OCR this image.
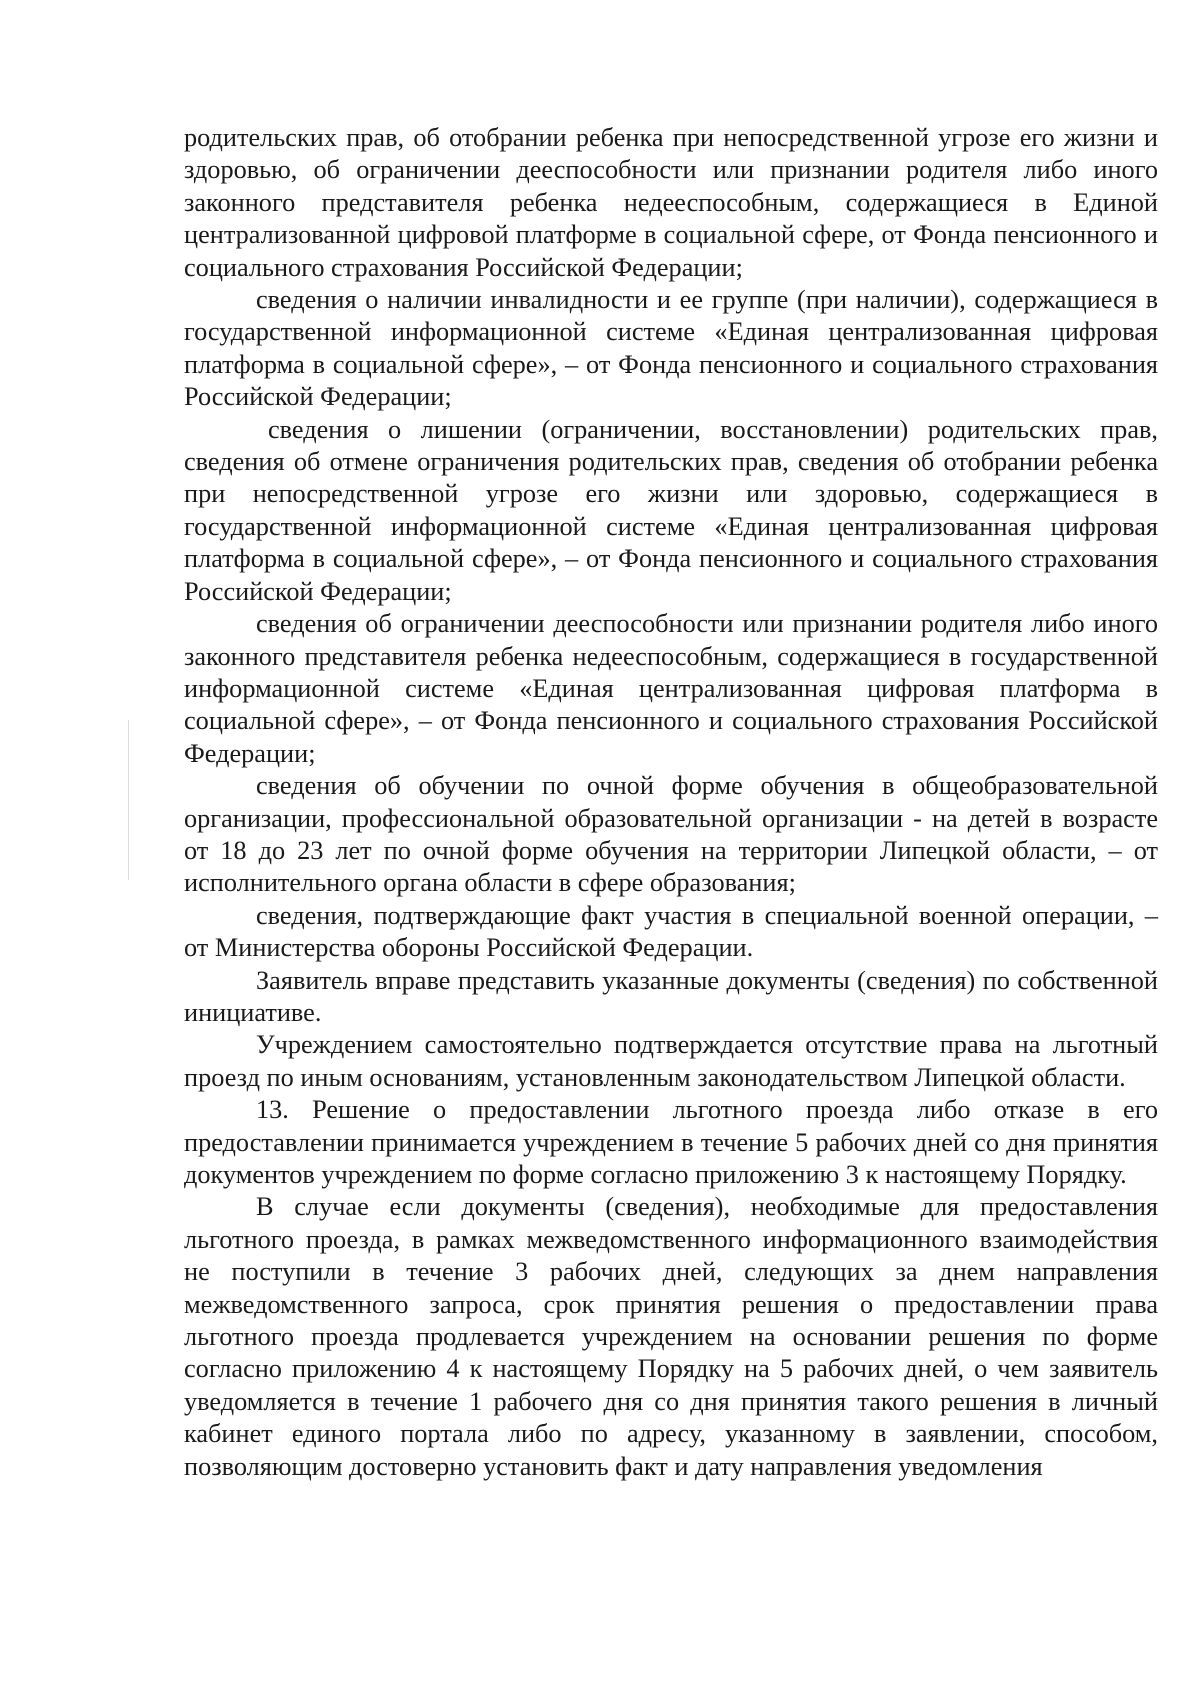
родительских прав, об отобрании ребенка при непосредственной угрозе его жизни и здоровью, об ограничении дееспособности или признании родителя либо иного законного представителя ребенка недееспособным, содержащиеся в Единой централизованной цифровой платформе в социальной сфере, от Фонда пенсионного и социального страхования Российской Федерации;

сведения о наличии инвалидности и ее группе (при наличии), содержащиеся в государственной информационной системе «Единая централизованная цифровая платформа в социальной сфере», – от Фонда пенсионного и социального страхования Российской Федерации;

сведения о лишении (ограничении, восстановлении) родительских прав, сведения об отмене ограничения родительских прав, сведения об отобрании ребенка при непосредственной угрозе его жизни или здоровью, содержащиеся в государственной информационной системе «Единая централизованная цифровая платформа в социальной сфере», – от Фонда пенсионного и социального страхования Российской Федерации;

сведения об ограничении дееспособности или признании родителя либо иного законного представителя ребенка недееспособным, содержащиеся в государственной информационной системе «Единая централизованная цифровая платформа в социальной сфере», – от Фонда пенсионного и социального страхования Российской Федерации;

сведения об обучении по очной форме обучения в общеобразовательной организации, профессиональной образовательной организации - на детей в возрасте от 18 до 23 лет по очной форме обучения на территории Липецкой области, – от исполнительного органа области в сфере образования;

сведения, подтверждающие факт участия в специальной военной операции, – от Министерства обороны Российской Федерации.

Заявитель вправе представить указанные документы (сведения) по собственной инициативе.

Учреждением самостоятельно подтверждается отсутствие права на льготный проезд по иным основаниям, установленным законодательством Липецкой области.

13. Решение о предоставлении льготного проезда либо отказе в его предоставлении принимается учреждением в течение 5 рабочих дней со дня принятия документов учреждением по форме согласно приложению 3 к настоящему Порядку.

В случае если документы (сведения), необходимые для предоставления льготного проезда, в рамках межведомственного информационного взаимодействия не поступили в течение 3 рабочих дней, следующих за днем направления межведомственного запроса, срок принятия решения о предоставлении права льготного проезда продлевается учреждением на основании решения по форме согласно приложению 4 к настоящему Порядку на 5 рабочих дней, о чем заявитель уведомляется в течение 1 рабочего дня со дня принятия такого решения в личный кабинет единого портала либо по адресу, указанному в заявлении, способом, позволяющим достоверно установить факт и дату направления уведомления
